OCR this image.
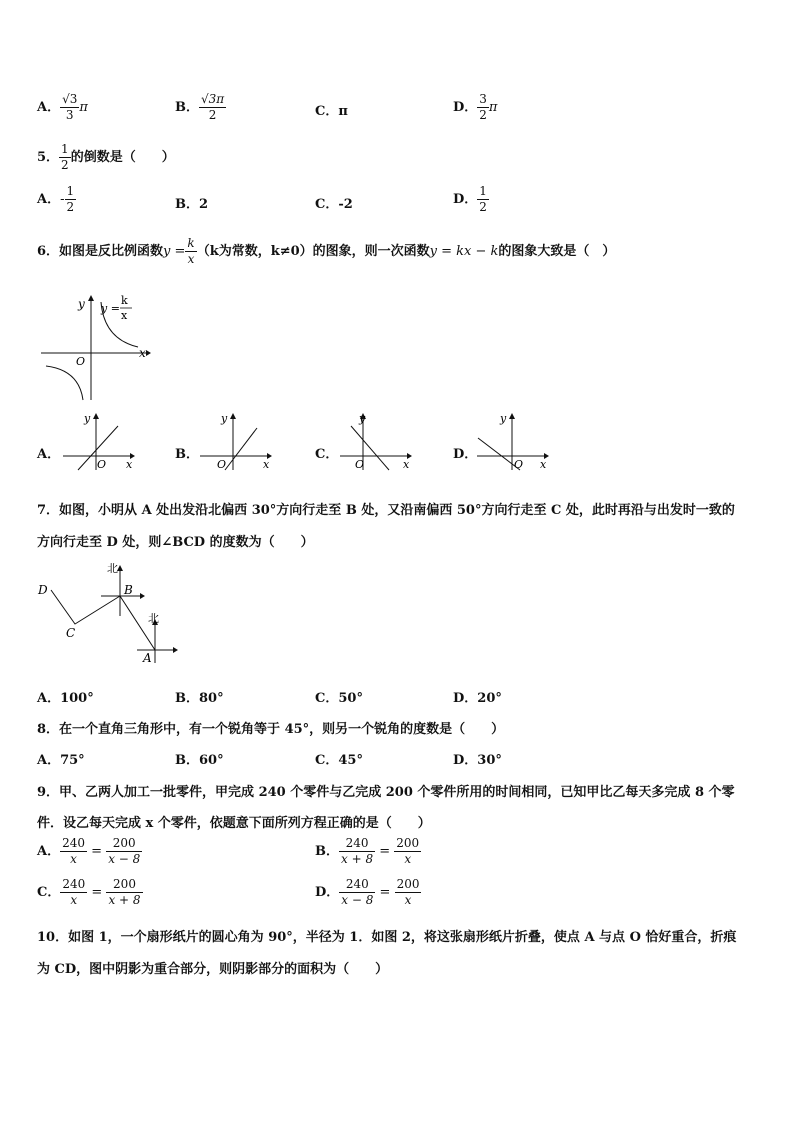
A． $\frac{√3}{3}$ π	B． $\frac{√3\pi}{2}$	C．π	D． $\frac{3}{2}$ π
5． $\frac{1}{2}$ 的倒数是（　　）
A．- $\frac{1}{2}$	B．2	C．-2	D． $\frac{1}{2}$
6．如图是反比例函数$y = \frac{k}{x} (k$为常数，k≠0）的图象，则一次函数y = kx − k的图象大致是（　）
y
x
O
y =
k
x
A．
y
x
O
B．
y
x
O
C．
y
x
O
D．
y
x
O
7．如图，小明从 A 处出发沿北偏西 30°方向行走至 B 处，又沿南偏西 50°方向行走至 C 处，此时再沿与出发时一致的
方向行走至 D 处，则∠BCD 的度数为（　　）
北
北
D
C
B
A
A．100°	B．80°	C．50°	D．20°
8．在一个直角三角形中，有一个锐角等于 45°，则另一个锐角的度数是（　　）
A．75°	B．60°	C．45°	D．30°
9．甲、乙两人加工一批零件，甲完成 240 个零件与乙完成 200 个零件所用的时间相同，已知甲比乙每天多完成 8 个零
件．设乙每天完成 x 个零件，依题意下面所列方程正确的是（　　）
A． $\frac{240}{x} = \frac{200}{x - 8}$	B． $\frac{240}{x + 8} = \frac{200}{x}$
C． $\frac{240}{x} = \frac{200}{x + 8}$	D． $\frac{240}{x - 8} = \frac{200}{x}$
10．如图 1，一个扇形纸片的圆心角为 90°，半径为 1．如图 2，将这张扇形纸片折叠，使点 A 与点 O 恰好重合，折痕
为 CD，图中阴影为重合部分，则阴影部分的面积为（　　）
